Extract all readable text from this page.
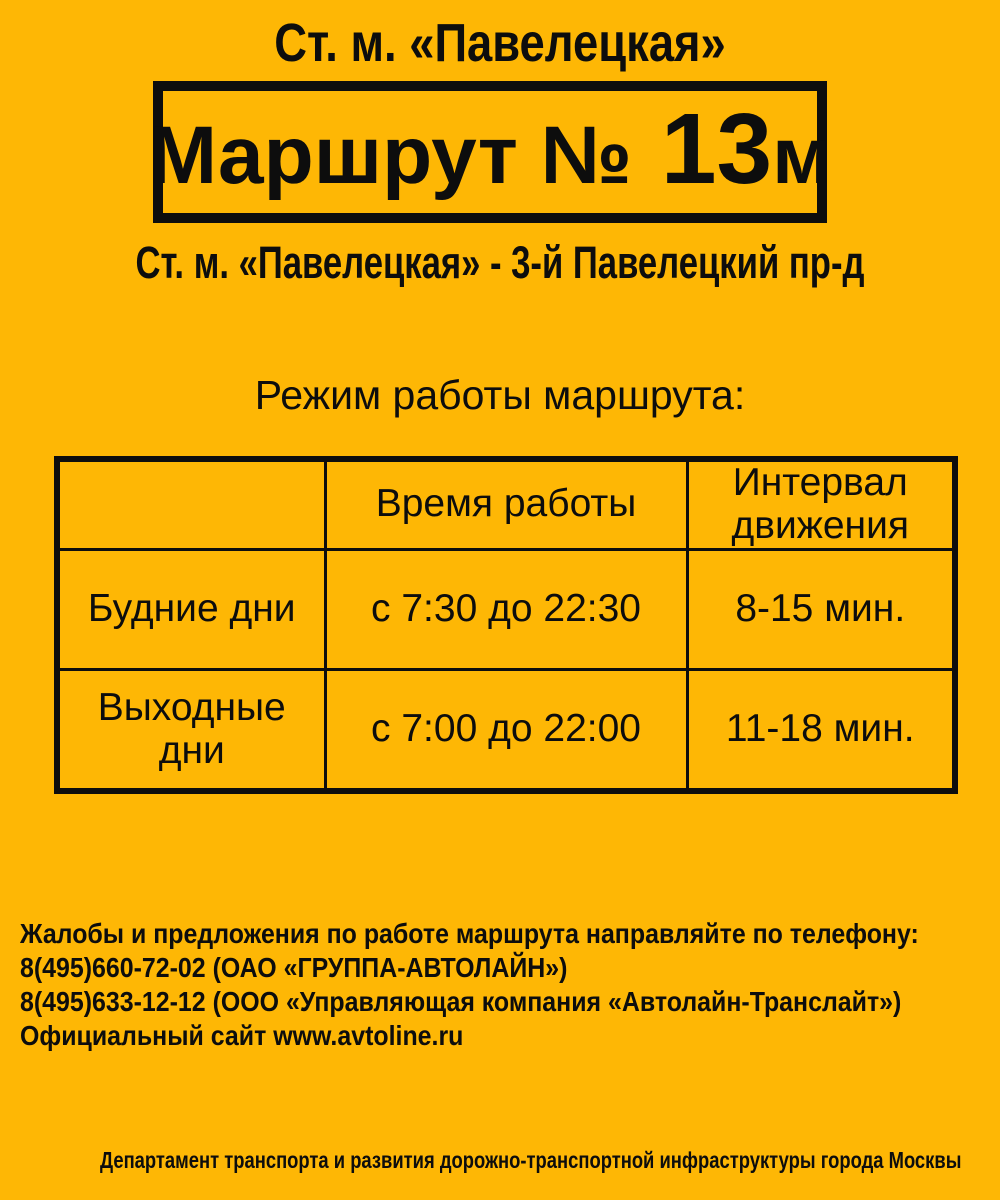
Ст. м. «Павелецкая»
Маршрут № 13 м
Ст. м. «Павелецкая» - 3-й Павелецкий пр-д
Режим работы маршрута:
	Время работы	Интервал движения
Будние дни	с 7:30 до 22:30	8-15 мин.
Выходные дни	с 7:00 до 22:00	11-18 мин.
Жалобы и предложения по работе маршрута направляйте по телефону:
8(495)660-72-02 (ОАО «ГРУППА-АВТОЛАЙН»)
8(495)633-12-12 (ООО «Управляющая компания «Автолайн-Транслайт»)
Официальный сайт www.avtoline.ru
Департамент транспорта и развития дорожно-транспортной инфраструктуры города Москвы
